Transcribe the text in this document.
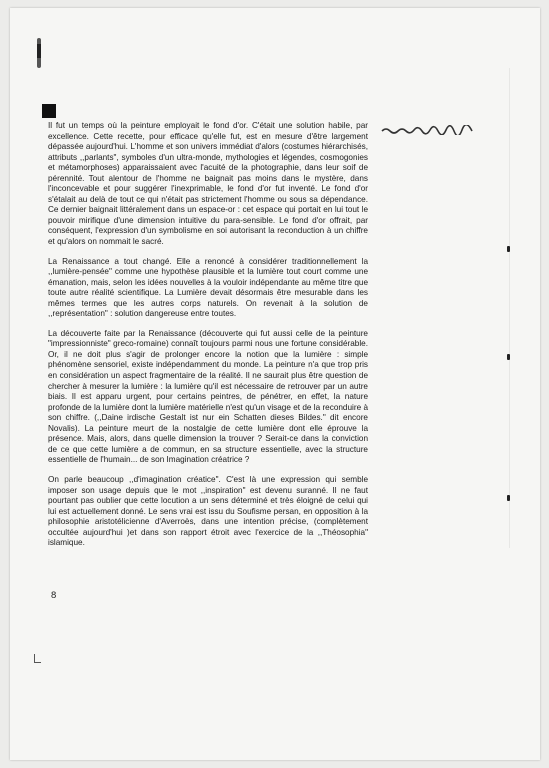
Il fut un temps où la peinture employait le fond d'or. C'était une solution habile, par excellence. Cette recette, pour efficace qu'elle fut, est en mesure d'être largement dépassée aujourd'hui. L'homme et son univers immédiat d'alors (costumes hiérarchisés, attributs ,,parlants", symboles d'un ultra-monde, mythologies et légendes, cosmogonies et métamorphoses) apparaissaient avec l'acuité de la photographie, dans leur soif de pérennité. Tout alentour de l'homme ne baignait pas moins dans le mystère, dans l'inconcevable et pour suggérer l'inexprimable, le fond d'or fut inventé. Le fond d'or s'étalait au delà de tout ce qui n'était pas strictement l'homme ou sous sa dépendance. Ce dernier baignait littéralement dans un espace-or : cet espace qui portait en lui tout le pouvoir mirifique d'une dimension intuitive du para-sensible. Le fond d'or offrait, par conséquent, l'expression d'un symbolisme en soi autorisant la reconduction à un chiffre et qu'alors on nommait le sacré.

La Renaissance a tout changé. Elle a renoncé à considérer traditionnellement la ,,lumière-pensée" comme une hypothèse plausible et la lumière tout court comme une émanation, mais, selon les idées nouvelles à la vouloir indépendante au même titre que toute autre réalité scientifique. La Lumière devait désormais être mesurable dans les mêmes termes que les autres corps naturels. On revenait à la solution de ,,représentation" : solution dangereuse entre toutes.

La découverte faite par la Renaissance (découverte qui fut aussi celle de la peinture "impressionniste" greco-romaine) connaît toujours parmi nous une fortune considérable. Or, il ne doit plus s'agir de prolonger encore la notion que la lumière : simple phénomène sensoriel, existe indépendamment du monde. La peinture n'a que trop pris en considération un aspect fragmentaire de la réalité. Il ne saurait plus être question de chercher à mesurer la lumière : la lumière qu'il est nécessaire de retrouver par un autre biais. Il est apparu urgent, pour certains peintres, de pénétrer, en effet, la nature profonde de la lumière dont la lumière matérielle n'est qu'un visage et de la reconduire à son chiffre. (,,Daine irdische Gestalt ist nur ein Schatten dieses Bildes." dit encore Novalis). La peinture meurt de la nostalgie de cette lumière dont elle éprouve la présence. Mais, alors, dans quelle dimension la trouver ? Serait-ce dans la conviction de ce que cette lumière a de commun, en sa structure essentielle, avec la structure essentielle de l'humain... de son Imagination créatrice ?

On parle beaucoup ,,d'imagination créatice". C'est là une expression qui semble imposer son usage depuis que le mot ,,inspiration" est devenu suranné. Il ne faut pourtant pas oublier que cette locution a un sens déterminé et très éloigné de celui qui lui est actuellement donné. Le sens vrai est issu du Soufisme persan, en opposition à la philosophie aristotélicienne d'Averroès, dans une intention précise, (complètement occultée aujourd'hui )et dans son rapport étroit avec l'exercice de la ,,Théosophia" islamique.

8
